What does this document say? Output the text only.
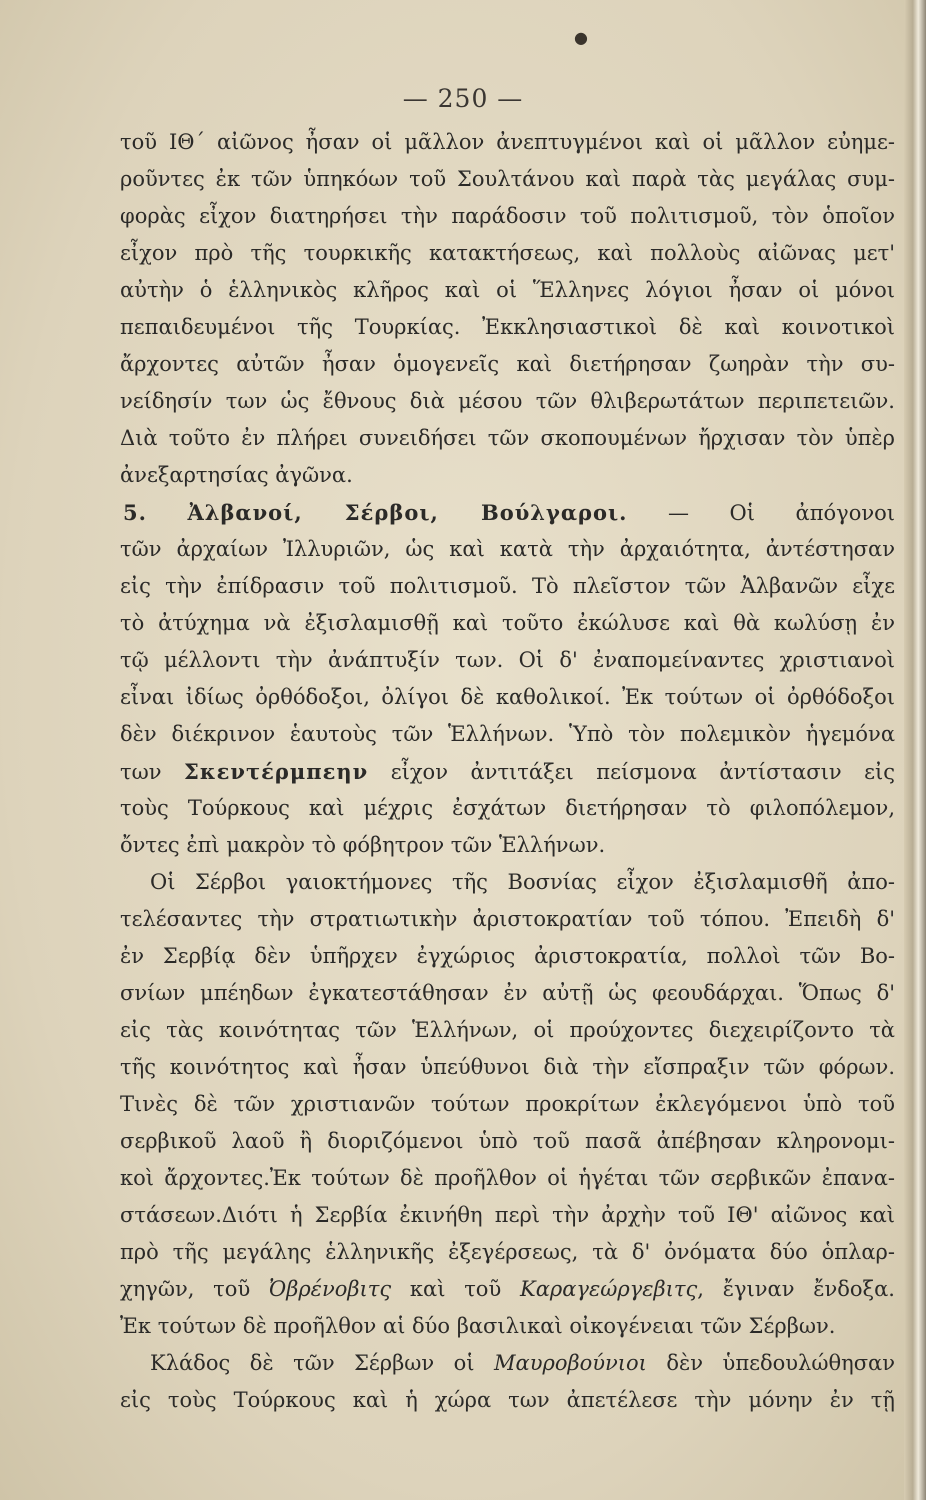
●
— 250 —
τοῦ ΙΘ΄ αἰῶνος ἦσαν οἱ μᾶλλον ἀνεπτυγμένοι καὶ οἱ μᾶλλον εὐημε-
ροῦντες ἐκ τῶν ὑπηκόων τοῦ Σουλτάνου καὶ παρὰ τὰς μεγάλας συμ-
φορὰς εἶχον διατηρήσει τὴν παράδοσιν τοῦ πολιτισμοῦ, τὸν ὁποῖον
εἶχον πρὸ τῆς τουρκικῆς κατακτήσεως, καὶ πολλοὺς αἰῶνας μετ'
αὐτὴν ὁ ἑλληνικὸς κλῆρος καὶ οἱ Ἕλληνες λόγιοι ἦσαν οἱ μόνοι
πεπαιδευμένοι τῆς Τουρκίας. Ἐκκλησιαστικοὶ δὲ καὶ κοινοτικοὶ
ἄρχοντες αὐτῶν ἦσαν ὁμογενεῖς καὶ διετήρησαν ζωηρὰν τὴν συ-
νείδησίν των ὡς ἔθνους διὰ μέσου τῶν θλιβερωτάτων περιπετειῶν.
Διὰ τοῦτο ἐν πλήρει συνειδήσει τῶν σκοπουμένων ἤρχισαν τὸν ὑπὲρ
ἀνεξαρτησίας ἀγῶνα.
5. Ἀλβανοί, Σέρβοι, Βούλγαροι. — Οἱ ἀπόγονοι
τῶν ἀρχαίων Ἰλλυριῶν, ὡς καὶ κατὰ τὴν ἀρχαιότητα, ἀντέστησαν
εἰς τὴν ἐπίδρασιν τοῦ πολιτισμοῦ. Τὸ πλεῖστον τῶν Ἀλβανῶν εἶχε
τὸ ἀτύχημα νὰ ἐξισλαμισθῇ καὶ τοῦτο ἐκώλυσε καὶ θὰ κωλύσῃ ἐν
τῷ μέλλοντι τὴν ἀνάπτυξίν των. Οἱ δ' ἐναπομείναντες χριστιανοὶ
εἶναι ἰδίως ὀρθόδοξοι, ὀλίγοι δὲ καθολικοί. Ἐκ τούτων οἱ ὀρθόδοξοι
δὲν διέκρινον ἑαυτοὺς τῶν Ἑλλήνων. Ὑπὸ τὸν πολεμικὸν ἡγεμόνα
των Σκεντέρμπεην εἶχον ἀντιτάξει πείσμονα ἀντίστασιν εἰς
τοὺς Τούρκους καὶ μέχρις ἐσχάτων διετήρησαν τὸ φιλοπόλεμον,
ὄντες ἐπὶ μακρὸν τὸ φόβητρον τῶν Ἑλλήνων.
Οἱ Σέρβοι γαιοκτήμονες τῆς Βοσνίας εἶχον ἐξισλαμισθῆ ἀπο-
τελέσαντες τὴν στρατιωτικὴν ἀριστοκρατίαν τοῦ τόπου. Ἐπειδὴ δ'
ἐν Σερβίᾳ δὲν ὑπῆρχεν ἐγχώριος ἀριστοκρατία, πολλοὶ τῶν Βο-
σνίων μπέηδων ἐγκατεστάθησαν ἐν αὐτῇ ὡς φεουδάρχαι. Ὅπως δ'
εἰς τὰς κοινότητας τῶν Ἑλλήνων, οἱ προύχοντες διεχειρίζοντο τὰ
τῆς κοινότητος καὶ ἦσαν ὑπεύθυνοι διὰ τὴν εἴσπραξιν τῶν φόρων.
Τινὲς δὲ τῶν χριστιανῶν τούτων προκρίτων ἐκλεγόμενοι ὑπὸ τοῦ
σερβικοῦ λαοῦ ἢ διοριζόμενοι ὑπὸ τοῦ πασᾶ ἀπέβησαν κληρονομι-
κοὶ ἄρχοντες.Ἐκ τούτων δὲ προῆλθον οἱ ἡγέται τῶν σερβικῶν ἐπανα-
στάσεων.Διότι ἡ Σερβία ἐκινήθη περὶ τὴν ἀρχὴν τοῦ ΙΘ' αἰῶνος καὶ
πρὸ τῆς μεγάλης ἑλληνικῆς ἐξεγέρσεως, τὰ δ' ὀνόματα δύο ὁπλαρ-
χηγῶν, τοῦ Ὀβρένοβιτς καὶ τοῦ Καραγεώργεβιτς, ἔγιναν ἔνδοξα.
Ἐκ τούτων δὲ προῆλθον αἱ δύο βασιλικαὶ οἰκογένειαι τῶν Σέρβων.
Κλάδος δὲ τῶν Σέρβων οἱ Μαυροβούνιοι δὲν ὑπεδουλώθησαν
εἰς τοὺς Τούρκους καὶ ἡ χώρα των ἀπετέλεσε τὴν μόνην ἐν τῇ
